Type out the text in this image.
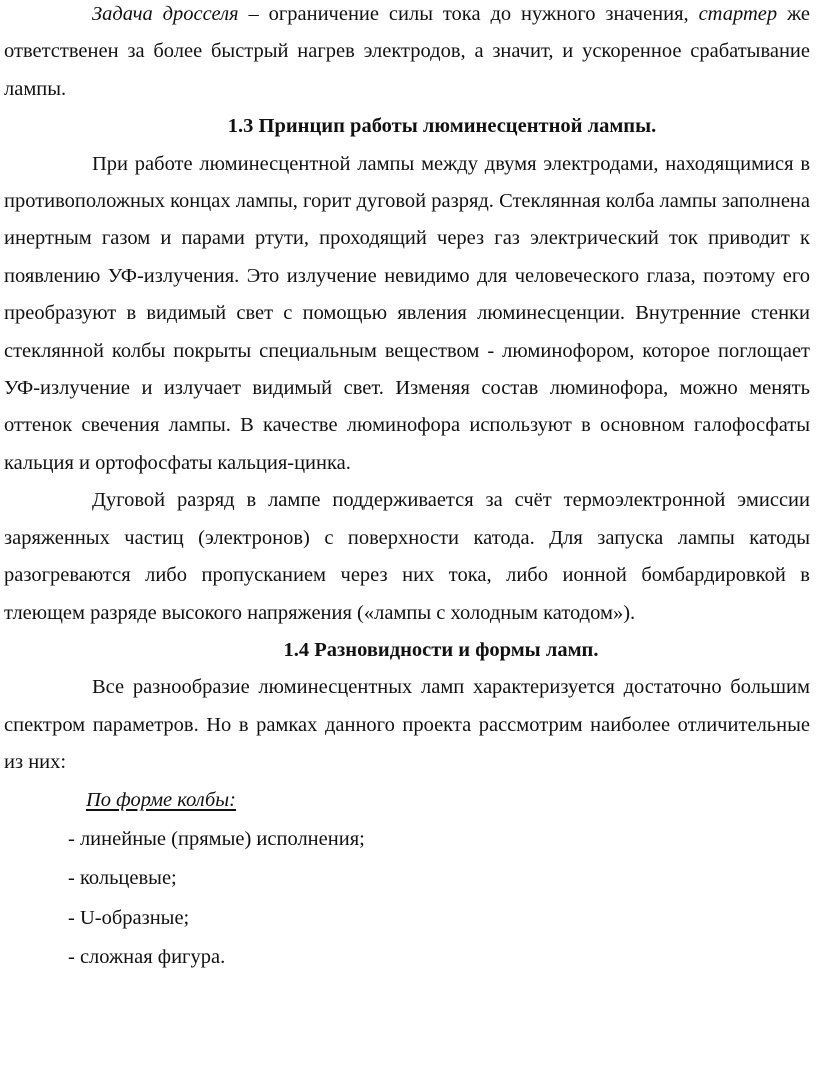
Задача дросселя – ограничение силы тока до нужного значения, стартер же ответственен за более быстрый нагрев электродов, а значит, и ускоренное срабатывание лампы.

1.3 Принцип работы люминесцентной лампы.

При работе люминесцентной лампы между двумя электродами, находящимися в противоположных концах лампы, горит дуговой разряд. Стеклянная колба лампы заполнена инертным газом и парами ртути, проходящий через газ электрический ток приводит к появлению УФ-излучения. Это излучение невидимо для человеческого глаза, поэтому его преобразуют в видимый свет с помощью явления люминесценции. Внутренние стенки стеклянной колбы покрыты специальным веществом - люминофором, которое поглощает УФ-излучение и излучает видимый свет. Изменяя состав люминофора, можно менять оттенок свечения лампы. В качестве люминофора используют в основном галофосфаты кальция и ортофосфаты кальция-цинка.

Дуговой разряд в лампе поддерживается за счёт термоэлектронной эмиссии заряженных частиц (электронов) с поверхности катода. Для запуска лампы катоды разогреваются либо пропусканием через них тока, либо ионной бомбардировкой в тлеющем разряде высокого напряжения («лампы с холодным катодом»).

1.4 Разновидности и формы ламп.

Все разнообразие люминесцентных ламп характеризуется достаточно большим спектром параметров. Но в рамках данного проекта рассмотрим наиболее отличительные из них:

По форме колбы:

- линейные (прямые) исполнения;
- кольцевые;
- U-образные;
- сложная фигура.
